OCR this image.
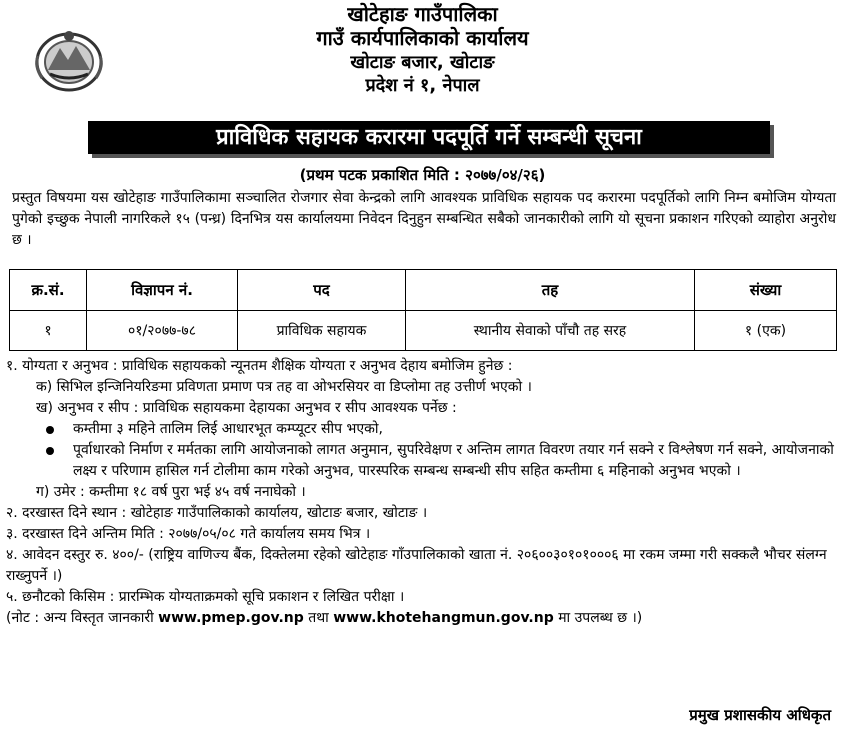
खोटेहाङ गाउँपालिका
गाउँ कार्यपालिकाको कार्यालय
खोटाङ बजार, खोटाङ
प्रदेश नं १, नेपाल
प्राविधिक सहायक करारमा पदपूर्ति गर्ने सम्बन्धी सूचना
(प्रथम पटक प्रकाशित मिति : २०७७/०४/२६)
प्रस्तुत विषयमा यस खोटेहाङ गाउँपालिकामा सञ्चालित रोजगार सेवा केन्द्रको लागि आवश्यक प्राविधिक सहायक पद करारमा पदपूर्तिको लागि निम्न बमोजिम योग्यता पुगेको इच्छुक नेपाली नागरिकले १५ (पन्ध्र) दिनभित्र यस कार्यालयमा निवेदन दिनुहुन सम्बन्धित सबैको जानकारीको लागि यो सूचना प्रकाशन गरिएको व्याहोरा अनुरोध छ ।
क्र.सं.	विज्ञापन नं.	पद	तह	संख्या
१	०१/२०७७-७८	प्राविधिक सहायक	स्थानीय सेवाको पाँचौ तह सरह	१ (एक)

१. योग्यता र अनुभव : प्राविधिक सहायकको न्यूनतम शैक्षिक योग्यता र अनुभव देहाय बमोजिम हुनेछ :

क) सिभिल इन्जिनियरिङमा प्रविणता प्रमाण पत्र तह वा ओभरसियर वा डिप्लोमा तह उत्तीर्ण भएको ।

ख) अनुभव र सीप : प्राविधिक सहायकमा देहायका अनुभव र सीप आवश्यक पर्नेछ :

कम्तीमा ३ महिने तालिम लिई आधारभूत कम्प्यूटर सीप भएको,
पूर्वाधारको निर्माण र मर्मतका लागि आयोजनाको लागत अनुमान, सुपरिवेक्षण र अन्तिम लागत विवरण तयार गर्न सक्ने र विश्लेषण गर्न सक्ने, आयोजनाको लक्ष्य र परिणाम हासिल गर्न टोलीमा काम गरेको अनुभव, पारस्परिक सम्बन्ध सम्बन्धी सीप सहित कम्तीमा ६ महिनाको अनुभव भएको ।

ग) उमेर : कम्तीमा १८ वर्ष पुरा भई ४५ वर्ष ननाघेको ।

२. दरखास्त दिने स्थान : खोटेहाङ गाउँपालिकाको कार्यालय, खोटाङ बजार, खोटाङ ।

३. दरखास्त दिने अन्तिम मिति : २०७७/०५/०८ गते कार्यालय समय भित्र ।

४. आवेदन दस्तुर रु. ४००/- (राष्ट्रिय वाणिज्य बैंक, दिक्तेलमा रहेको खोटेहाङ गाँउपालिकाको खाता नं. २०६००३०१०१०००६ मा रकम जम्मा गरी सक्कलै भौचर संलग्न राख्नुपर्ने ।)

५. छनौटको किसिम : प्रारम्भिक योग्यताक्रमको सूचि प्रकाशन र लिखित परीक्षा ।

(नोट : अन्य विस्तृत जानकारी www.pmep.gov.np तथा www.khotehangmun.gov.np मा उपलब्ध छ ।)

प्रमुख प्रशासकीय अधिकृत
